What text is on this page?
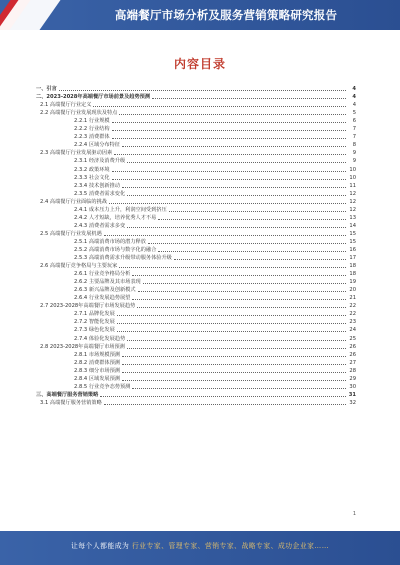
高端餐厅市场分析及服务营销策略研究报告
内容目录
一、引言	4
二、2023-2028年高端餐厅市场前景及趋势预测	4
2.1 高端餐厅行业定义	4
2.2 高端餐厅行业发展现状及特点	5
2.2.1 行业规模	6
2.2.2 行业结构	7
2.2.3 消费群体	7
2.2.4 区域分布特征	8
2.3 高端餐厅行业发展驱动因素	9
2.3.1 经济及消费升级	9
2.3.2 政策环境	10
2.3.3 社会文化	10
2.3.4 技术创新推动	11
2.3.5 消费者需求变化	12
2.4 高端餐厅行业面临的挑战	12
2.4.1 成本压力上升，利润空间受到挤压	12
2.4.2 人才短缺，培养优秀人才不易	13
2.4.3 消费者需求多变	14
2.5 高端餐厅行业发展机遇	15
2.5.1 高端消费市场的潜力释放	15
2.5.2 高端消费市场与数字化的融合	16
2.5.3 高端消费需求升级带动服务体验升级	17
2.6 高端餐厅竞争格局与主要玩家	18
2.6.1 行业竞争格局分析	18
2.6.2 主要品牌及其市场表现	19
2.6.3 新兴品牌及创新模式	20
2.6.4 行业发展趋势展望	21
2.7 2023-2028年高端餐厅市场发展趋势	22
2.7.1 品牌化发展	22
2.7.2 智能化发展	23
2.7.3 绿色化发展	24
2.7.4 体验化发展趋势	25
2.8 2023-2028年高端餐厅市场预测	26
2.8.1 市场规模预测	26
2.8.2 消费群体预测	27
2.8.3 细分市场预测	28
2.8.4 区域发展预测	29
2.8.5 行业竞争态势预测	30
三、高端餐厅服务营销策略	31
3.1 高端餐厅服务营销策略	32
1
让每个人都能成为 行业专家、管理专家、营销专家、战略专家、成功企业家……
